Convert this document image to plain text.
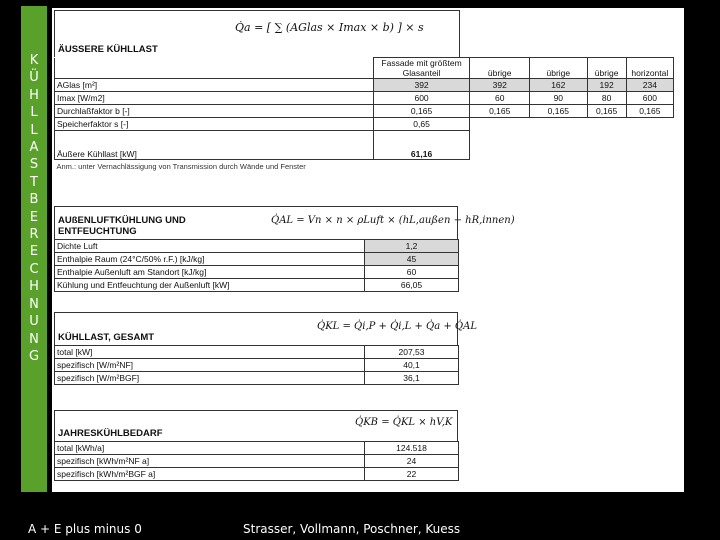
K
Ü
H
L
L
A
S
T
B
E
R
E
C
H
N
U
N
G
Q̇a = [ ∑ (AGlas × Imax × b) ] × s
ÄUSSERE KÜHLLAST
	Fassade mit größtem Glasanteil	übrige	übrige	übrige	horizontal
AGlas [m²]	392	392	162	192	234
Imax [W/m2]	600	60	90	80	600
Durchlaßfaktor b [-]	0,165	0,165	0,165	0,165	0,165
Speicherfaktor s [-]	0,65				
Äußere Kühllast [kW]	61,16				
Anm.: unter Vernachlässigung von Transmission durch Wände und Fenster					
Q̇AL = Vn × n × ρLuft × (hL,außen − hR,innen)
AUßENLUFTKÜHLUNG UND ENTFEUCHTUNG
Dichte Luft	1,2
Enthalpie Raum (24°C/50% r.F.) [kJ/kg]	45
Enthalpie Außenluft am Standort [kJ/kg]	60
Kühlung und Entfeuchtung der Außenluft [kW]	66,05
Q̇KL = Q̇i,P + Q̇i,L + Q̇a + Q̇AL
KÜHLLAST, GESAMT
total [kW]	207,53
spezifisch [W/m²NF]	40,1
spezifisch [W/m²BGF]	36,1
Q̇KB = Q̇KL × hV,K
JAHRESKÜHLBEDARF
total [kWh/a]	124.518
spezifisch [kWh/m²NF a]	24
spezifisch [kWh/m²BGF a]	22
A + E plus minus 0	Strasser, Vollmann, Poschner, Kuess
